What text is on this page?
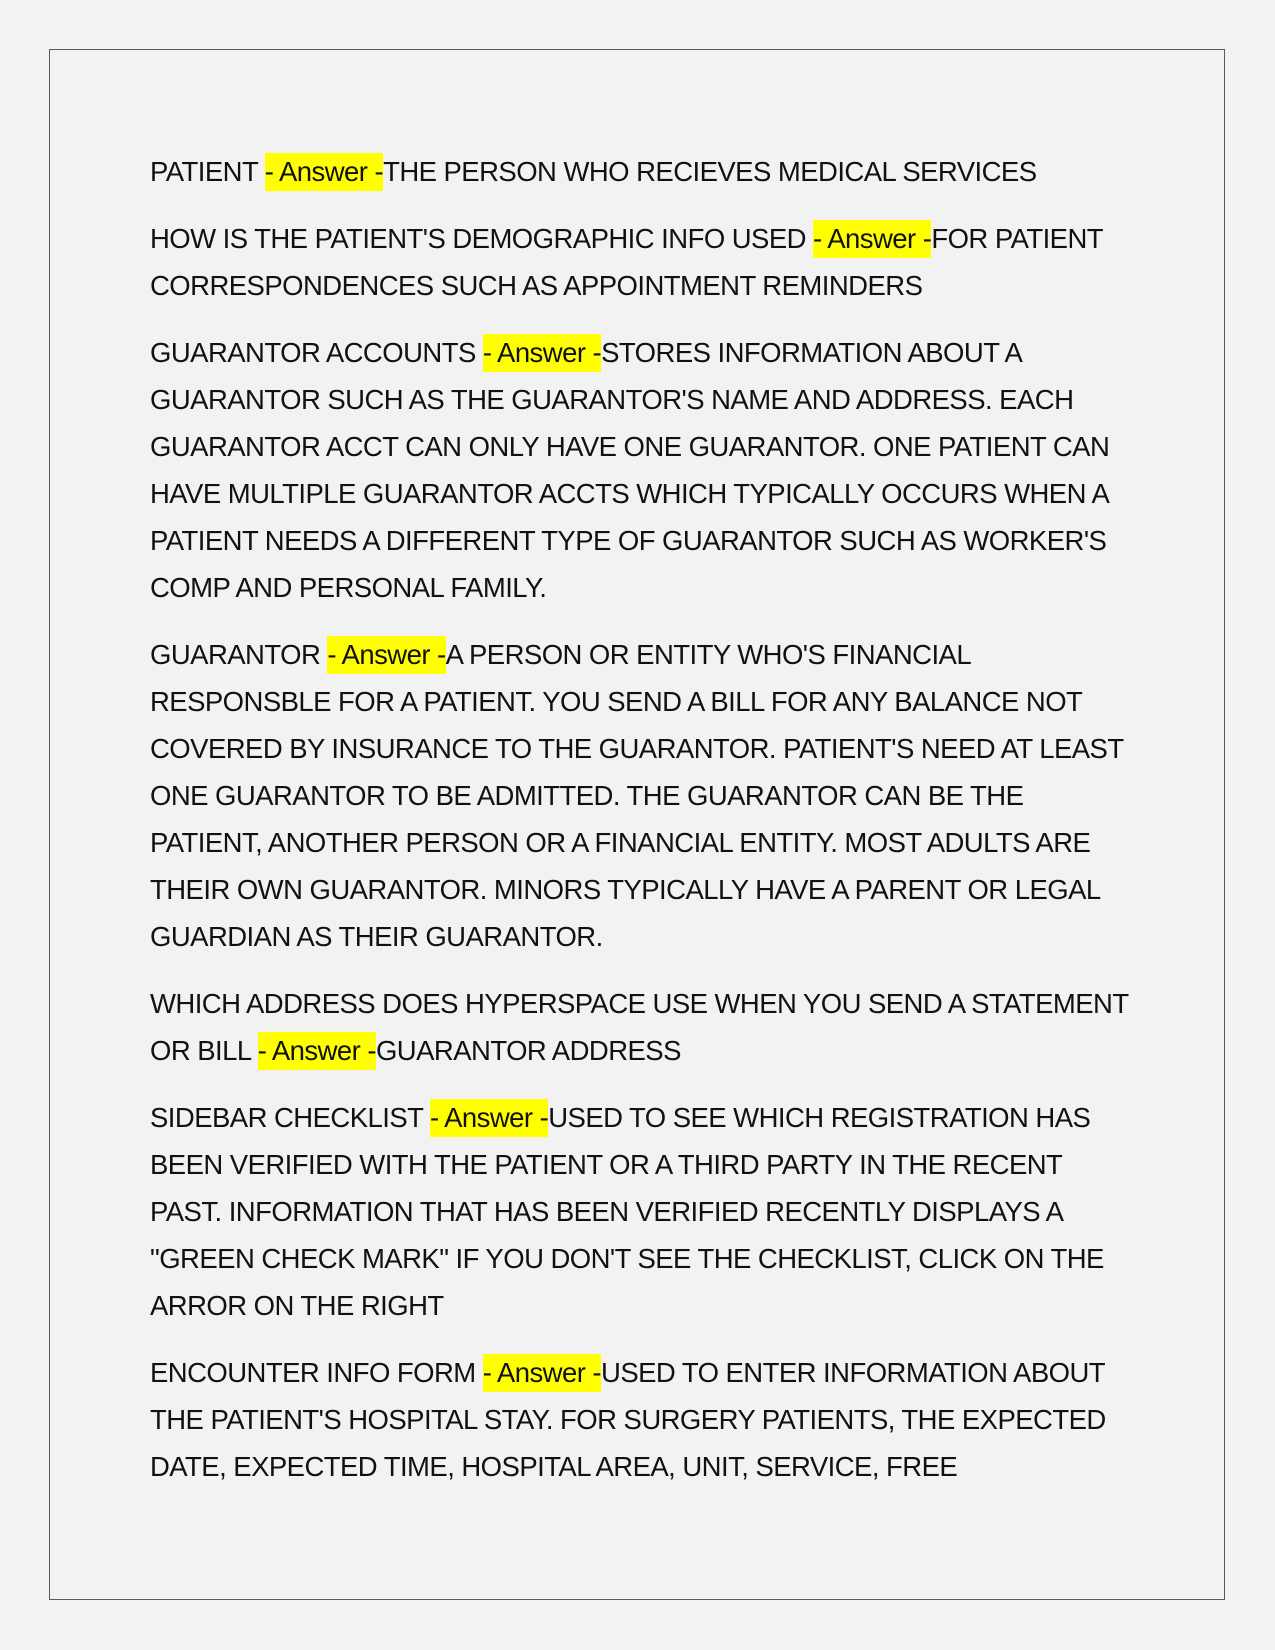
PATIENT - Answer -THE PERSON WHO RECIEVES MEDICAL SERVICES

HOW IS THE PATIENT'S DEMOGRAPHIC INFO USED - Answer -FOR PATIENT CORRESPONDENCES SUCH AS APPOINTMENT REMINDERS

GUARANTOR ACCOUNTS - Answer -STORES INFORMATION ABOUT A GUARANTOR SUCH AS THE GUARANTOR'S NAME AND ADDRESS. EACH GUARANTOR ACCT CAN ONLY HAVE ONE GUARANTOR. ONE PATIENT CAN HAVE MULTIPLE GUARANTOR ACCTS WHICH TYPICALLY OCCURS WHEN A PATIENT NEEDS A DIFFERENT TYPE OF GUARANTOR SUCH AS WORKER'S COMP AND PERSONAL FAMILY.

GUARANTOR - Answer -A PERSON OR ENTITY WHO'S FINANCIAL RESPONSBLE FOR A PATIENT. YOU SEND A BILL FOR ANY BALANCE NOT COVERED BY INSURANCE TO THE GUARANTOR. PATIENT'S NEED AT LEAST ONE GUARANTOR TO BE ADMITTED. THE GUARANTOR CAN BE THE PATIENT, ANOTHER PERSON OR A FINANCIAL ENTITY. MOST ADULTS ARE THEIR OWN GUARANTOR. MINORS TYPICALLY HAVE A PARENT OR LEGAL GUARDIAN AS THEIR GUARANTOR.

WHICH ADDRESS DOES HYPERSPACE USE WHEN YOU SEND A STATEMENT OR BILL - Answer -GUARANTOR ADDRESS

SIDEBAR CHECKLIST - Answer -USED TO SEE WHICH REGISTRATION HAS BEEN VERIFIED WITH THE PATIENT OR A THIRD PARTY IN THE RECENT PAST. INFORMATION THAT HAS BEEN VERIFIED RECENTLY DISPLAYS A "GREEN CHECK MARK" IF YOU DON'T SEE THE CHECKLIST, CLICK ON THE ARROR ON THE RIGHT

ENCOUNTER INFO FORM - Answer -USED TO ENTER INFORMATION ABOUT THE PATIENT'S HOSPITAL STAY. FOR SURGERY PATIENTS, THE EXPECTED DATE, EXPECTED TIME, HOSPITAL AREA, UNIT, SERVICE, FREE
